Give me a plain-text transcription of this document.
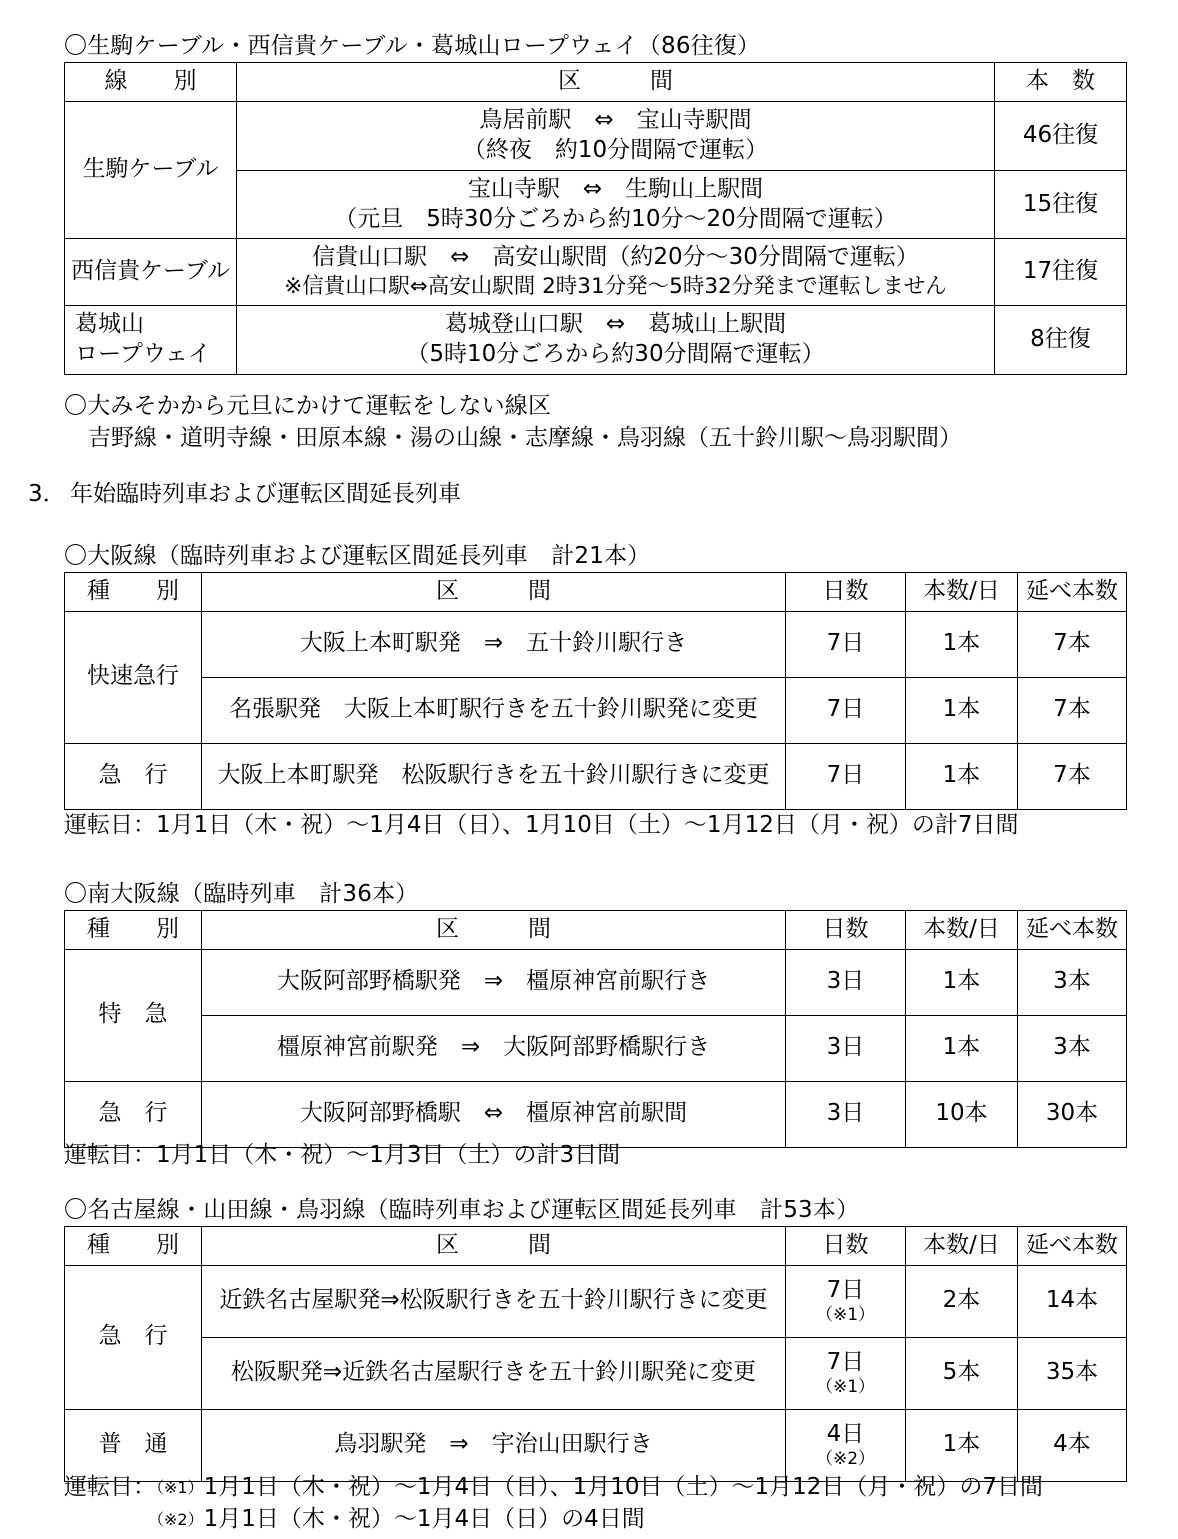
〇生駒ケーブル・西信貴ケーブル・葛城山ロープウェイ（86往復）
線　　別	区　　　間	本　数

生駒ケーブル	鳥居前駅　⇔　宝山寺駅間
（終夜　約10分間隔で運転）	46往復

	宝山寺駅　⇔　生駒山上駅間
（元旦　5時30分ごろから約10分～20分間隔で運転）	15往復

西信貴ケーブル	信貴山口駅　⇔　高安山駅間（約20分～30分間隔で運転）
※信貴山口駅⇔高安山駅間 2時31分発～5時32分発まで運転しません	17往復

葛城山
ロープウェイ	葛城登山口駅　⇔　葛城山上駅間
（5時10分ごろから約30分間隔で運転）	8往復
〇大みそかから元旦にかけて運転をしない線区
吉野線・道明寺線・田原本線・湯の山線・志摩線・鳥羽線（五十鈴川駅～鳥羽駅間）
3． 年始臨時列車および運転区間延長列車
〇大阪線（臨時列車および運転区間延長列車　計21本）
種　　別	区　　　間	日数	本数/日	延べ本数

快速急行	大阪上本町駅発　⇒　五十鈴川駅行き	7日	1本	7本

	名張駅発　大阪上本町駅行きを五十鈴川駅発に変更	7日	1本	7本

急　行	大阪上本町駅発　松阪駅行きを五十鈴川駅行きに変更	7日	1本	7本
運転日：1月1日（木・祝）～1月4日（日）、1月10日（土）～1月12日（月・祝）の計7日間
〇南大阪線（臨時列車　計36本）
種　　別	区　　　間	日数	本数/日	延べ本数

特　急	大阪阿部野橋駅発　⇒　橿原神宮前駅行き	3日	1本	3本

	橿原神宮前駅発　⇒　大阪阿部野橋駅行き	3日	1本	3本

急　行	大阪阿部野橋駅　⇔　橿原神宮前駅間	3日	10本	30本
運転日：1月1日（木・祝）～1月3日（土）の計3日間
〇名古屋線・山田線・鳥羽線（臨時列車および運転区間延長列車　計53本）
種　　別	区　　　間	日数	本数/日	延べ本数

急　行	近鉄名古屋駅発⇒松阪駅行きを五十鈴川駅行きに変更	7日
（※1）	2本	14本

	松阪駅発⇒近鉄名古屋駅行きを五十鈴川駅発に変更	7日
（※1）	5本	35本

普　通	鳥羽駅発　⇒　宇治山田駅行き	4日
（※2）	1本	4本
運転日：（※1）1月1日（木・祝）～1月4日（日）、1月10日（土）～1月12日（月・祝）の7日間
（※2）1月1日（木・祝）～1月4日（日）の4日間
